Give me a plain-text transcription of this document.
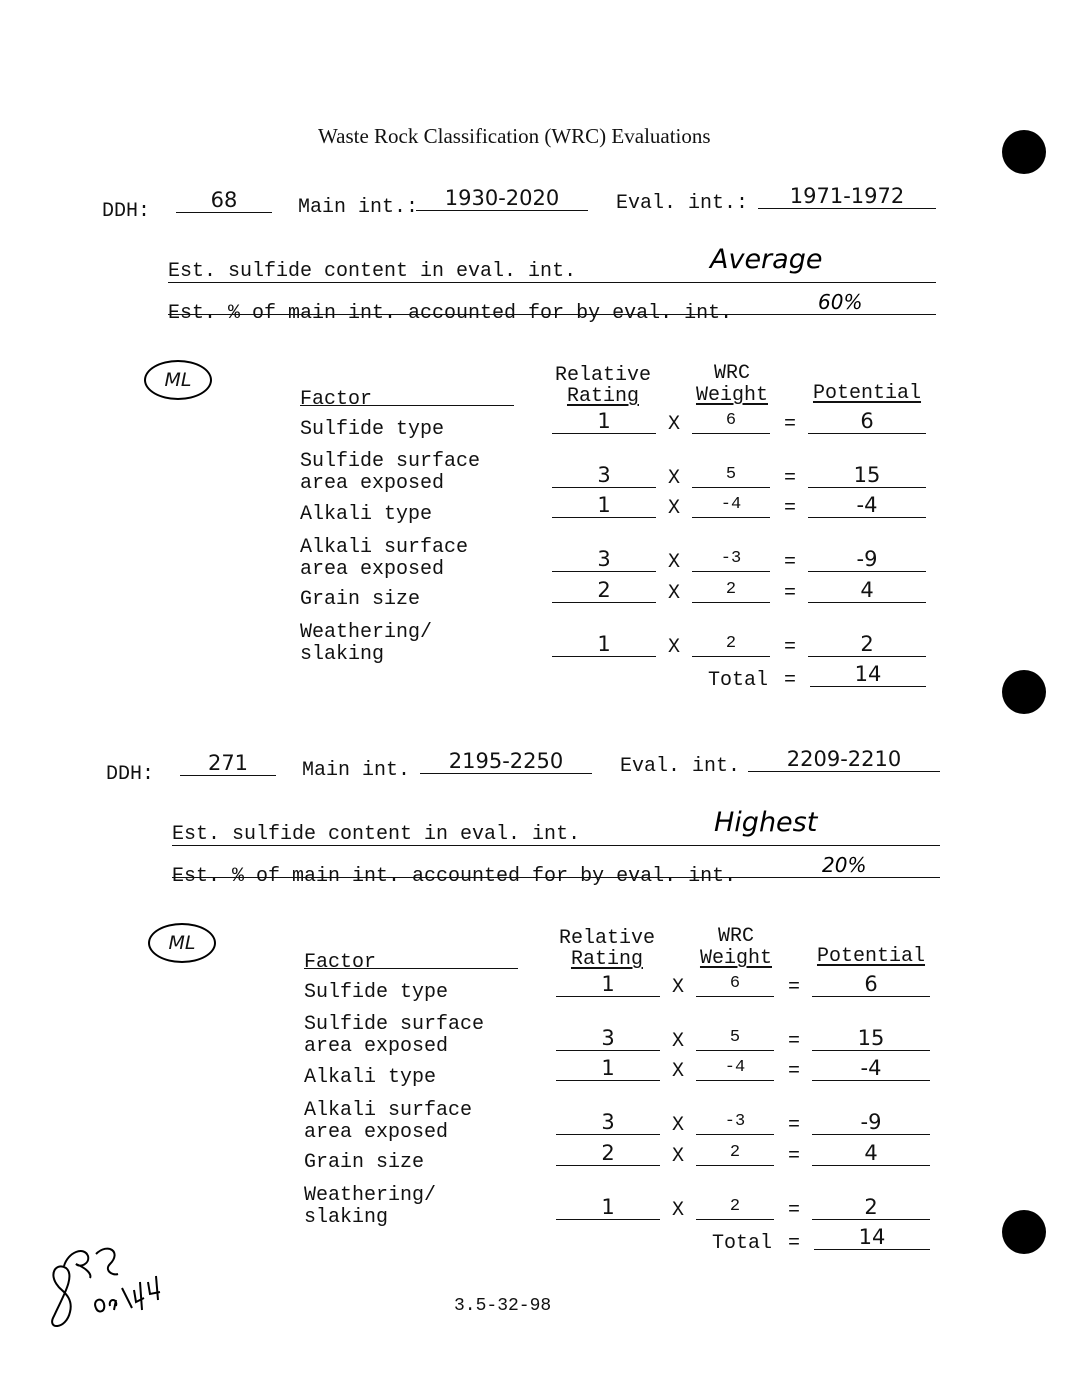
Waste Rock Classification (WRC) Evaluations
DDH:	68	Main int.:	1930-2020	Eval. int.:	1971-1972
Est. sulfide content in eval. int.	Average
Est. % of main int. accounted for by eval. int.	60%
ML
Factor
Relative
Rating
WRC
Weight	Potential
Sulfide type	1	X	6	=	6
Sulfide surface
area exposed	3	X	5	=	15
Alkali type	1	X	-4	=	-4
Alkali surface
area exposed	3	X	-3	=	-9
Grain size	2	X	2	=	4
Weathering/
slaking	1	X	2	=	2
Total =	14
DDH:	271	Main int.	2195-2250	Eval. int.	2209-2210
Est. sulfide content in eval. int.	Highest
Est. % of main int. accounted for by eval. int.	20%
ML
Factor
Relative
Rating
WRC
Weight	Potential
Sulfide type	1	X	6	=	6
Sulfide surface
area exposed	3	X	5	=	15
Alkali type	1	X	-4	=	-4
Alkali surface
area exposed	3	X	-3	=	-9
Grain size	2	X	2	=	4
Weathering/
slaking	1	X	2	=	2
Total =	14
3.5-32-98
